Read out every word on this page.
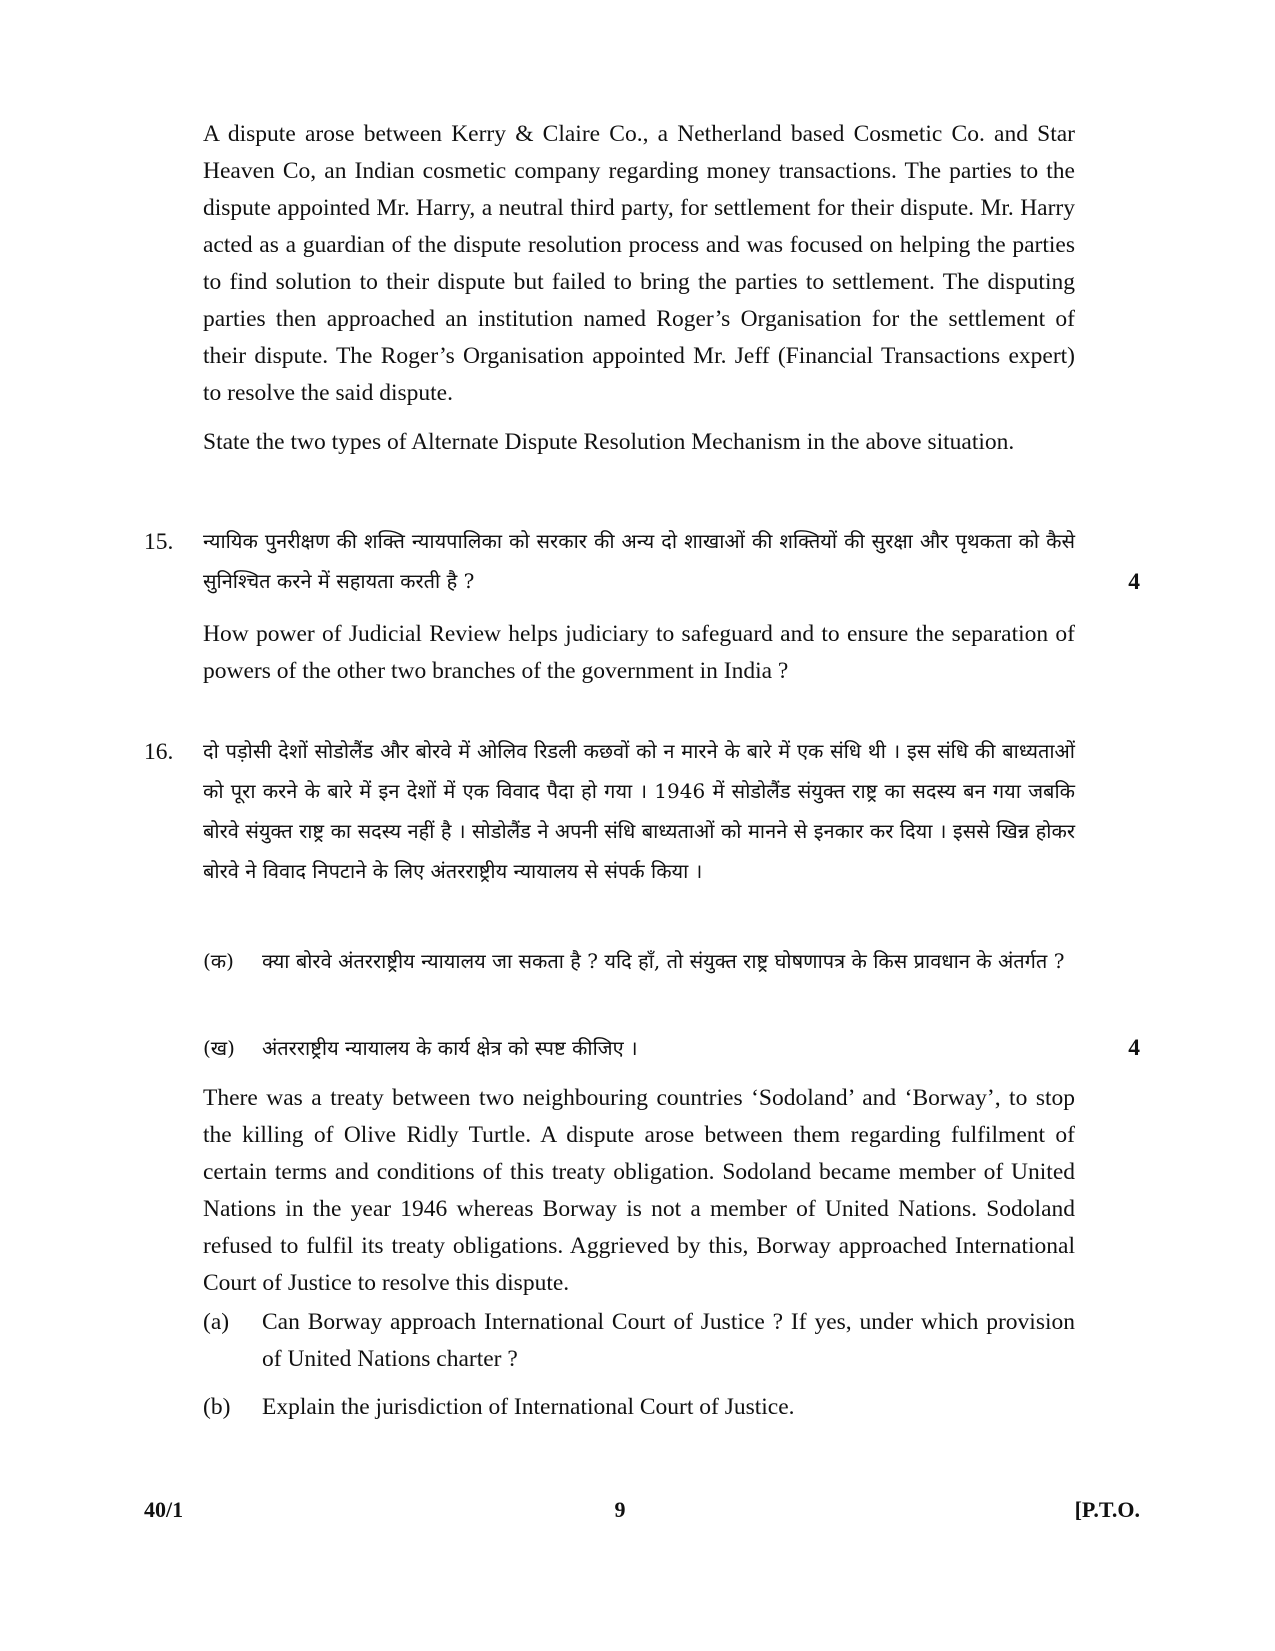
A dispute arose between Kerry & Claire Co., a Netherland based Cosmetic Co. and Star Heaven Co, an Indian cosmetic company regarding money transactions. The parties to the dispute appointed Mr. Harry, a neutral third party, for settlement for their dispute. Mr. Harry acted as a guardian of the dispute resolution process and was focused on helping the parties to find solution to their dispute but failed to bring the parties to settlement. The disputing parties then approached an institution named Roger’s Organisation for the settlement of their dispute. The Roger’s Organisation appointed Mr. Jeff (Financial Transactions expert) to resolve the said dispute.

State the two types of Alternate Dispute Resolution Mechanism in the above situation.

15. न्यायिक पुनरीक्षण की शक्ति न्यायपालिका को सरकार की अन्य दो शाखाओं की शक्तियों की सुरक्षा और पृथकता को कैसे सुनिश्चित करने में सहायता करती है ?	4

How power of Judicial Review helps judiciary to safeguard and to ensure the separation of powers of the other two branches of the government in India ?

16. दो पड़ोसी देशों सोडोलैंड और बोरवे में ओलिव रिडली कछवों को न मारने के बारे में एक संधि थी । इस संधि की बाध्यताओं को पूरा करने के बारे में इन देशों में एक विवाद पैदा हो गया । 1946 में सोडोलैंड संयुक्त राष्ट्र का सदस्य बन गया जबकि बोरवे संयुक्त राष्ट्र का सदस्य नहीं है । सोडोलैंड ने अपनी संधि बाध्यताओं को मानने से इनकार कर दिया । इससे खिन्न होकर बोरवे ने विवाद निपटाने के लिए अंतरराष्ट्रीय न्यायालय से संपर्क किया ।

(क) क्या बोरवे अंतरराष्ट्रीय न्यायालय जा सकता है ? यदि हाँ, तो संयुक्त राष्ट्र घोषणापत्र के किस प्रावधान के अंतर्गत ?
(ख) अंतरराष्ट्रीय न्यायालय के कार्य क्षेत्र को स्पष्ट कीजिए ।	4

There was a treaty between two neighbouring countries ‘Sodoland’ and ‘Borway’, to stop the killing of Olive Ridly Turtle. A dispute arose between them regarding fulfilment of certain terms and conditions of this treaty obligation. Sodoland became member of United Nations in the year 1946 whereas Borway is not a member of United Nations. Sodoland refused to fulfil its treaty obligations. Aggrieved by this, Borway approached International Court of Justice to resolve this dispute.

(a) Can Borway approach International Court of Justice ? If yes, under which provision of United Nations charter ?
(b) Explain the jurisdiction of International Court of Justice.
40/1	9	[P.T.O.
